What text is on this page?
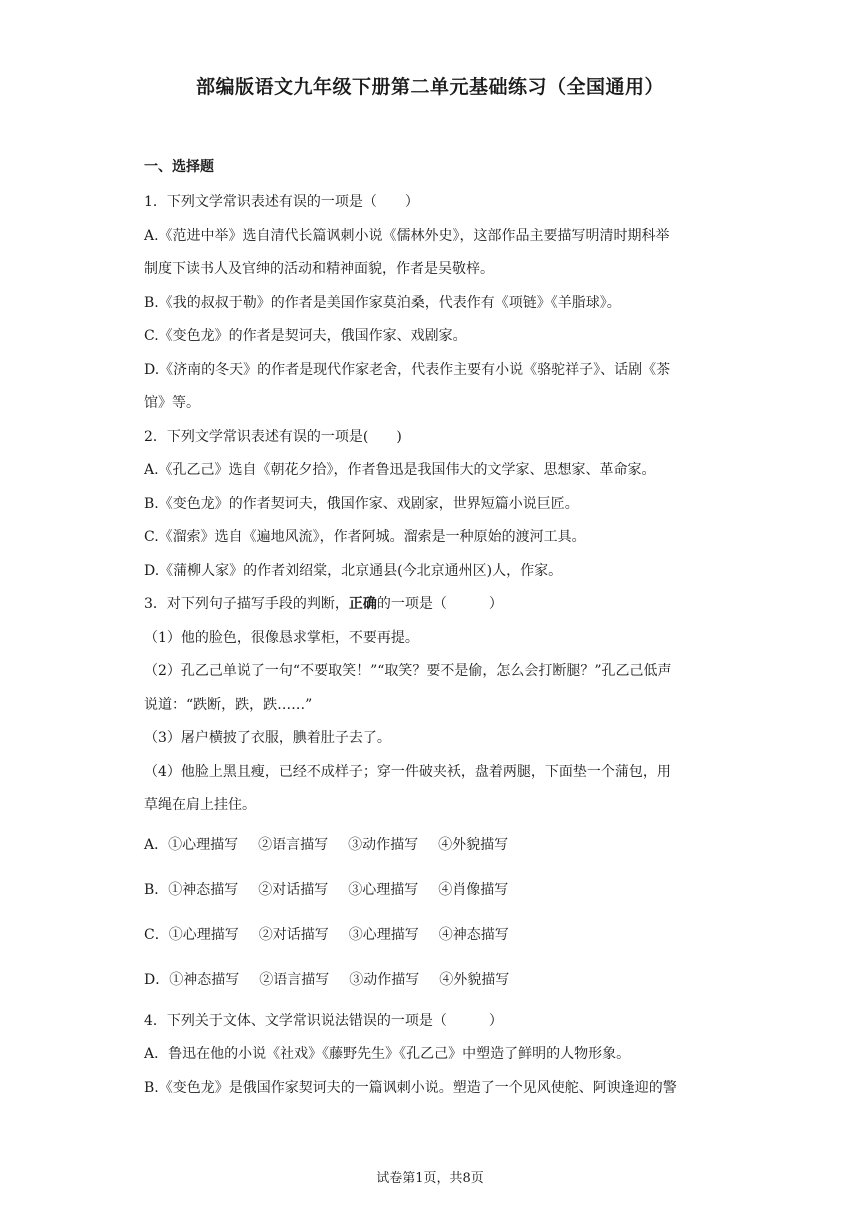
部编版语文九年级下册第二单元基础练习（全国通用）
一、选择题

1．下列文学常识表述有误的一项是（　　）

A.《范进中举》选自清代长篇讽刺小说《儒林外史》，这部作品主要描写明清时期科举

制度下读书人及官绅的活动和精神面貌，作者是吴敬梓。

B.《我的叔叔于勒》的作者是美国作家莫泊桑，代表作有《项链》《羊脂球》。

C.《变色龙》的作者是契诃夫，俄国作家、戏剧家。

D.《济南的冬天》的作者是现代作家老舍，代表作主要有小说《骆驼祥子》、话剧《茶

馆》等。

2．下列文学常识表述有误的一项是(　　)

A.《孔乙己》选自《朝花夕拾》，作者鲁迅是我国伟大的文学家、思想家、革命家。

B.《变色龙》的作者契诃夫，俄国作家、戏剧家，世界短篇小说巨匠。

C.《溜索》选自《遍地风流》，作者阿城。溜索是一种原始的渡河工具。

D.《蒲柳人家》的作者刘绍棠，北京通县(今北京通州区)人，作家。

3．对下列句子描写手段的判断，正确的一项是（　　　）

（1）他的脸色，很像恳求掌柜，不要再提。

（2）孔乙己单说了一句“不要取笑！”“取笑？要不是偷，怎么会打断腿？”孔乙己低声

说道：“跌断，跌，跌……”

（3）屠户横披了衣服，腆着肚子去了。

（4）他脸上黑且瘦，已经不成样子；穿一件破夹袄，盘着两腿，下面垫一个蒲包，用

草绳在肩上挂住。

A．①心理描写 ②语言描写 ③动作描写 ④外貌描写

B．①神态描写 ②对话描写 ③心理描写 ④肖像描写

C．①心理描写 ②对话描写 ③心理描写 ④神态描写

D．①神态描写 ②语言描写 ③动作描写 ④外貌描写

4．下列关于文体、文学常识说法错误的一项是（　　　）

A．鲁迅在他的小说《社戏》《藤野先生》《孔乙己》中塑造了鲜明的人物形象。

B.《变色龙》是俄国作家契诃夫的一篇讽刺小说。塑造了一个见风使舵、阿谀逢迎的警

试卷第1页，共8页
